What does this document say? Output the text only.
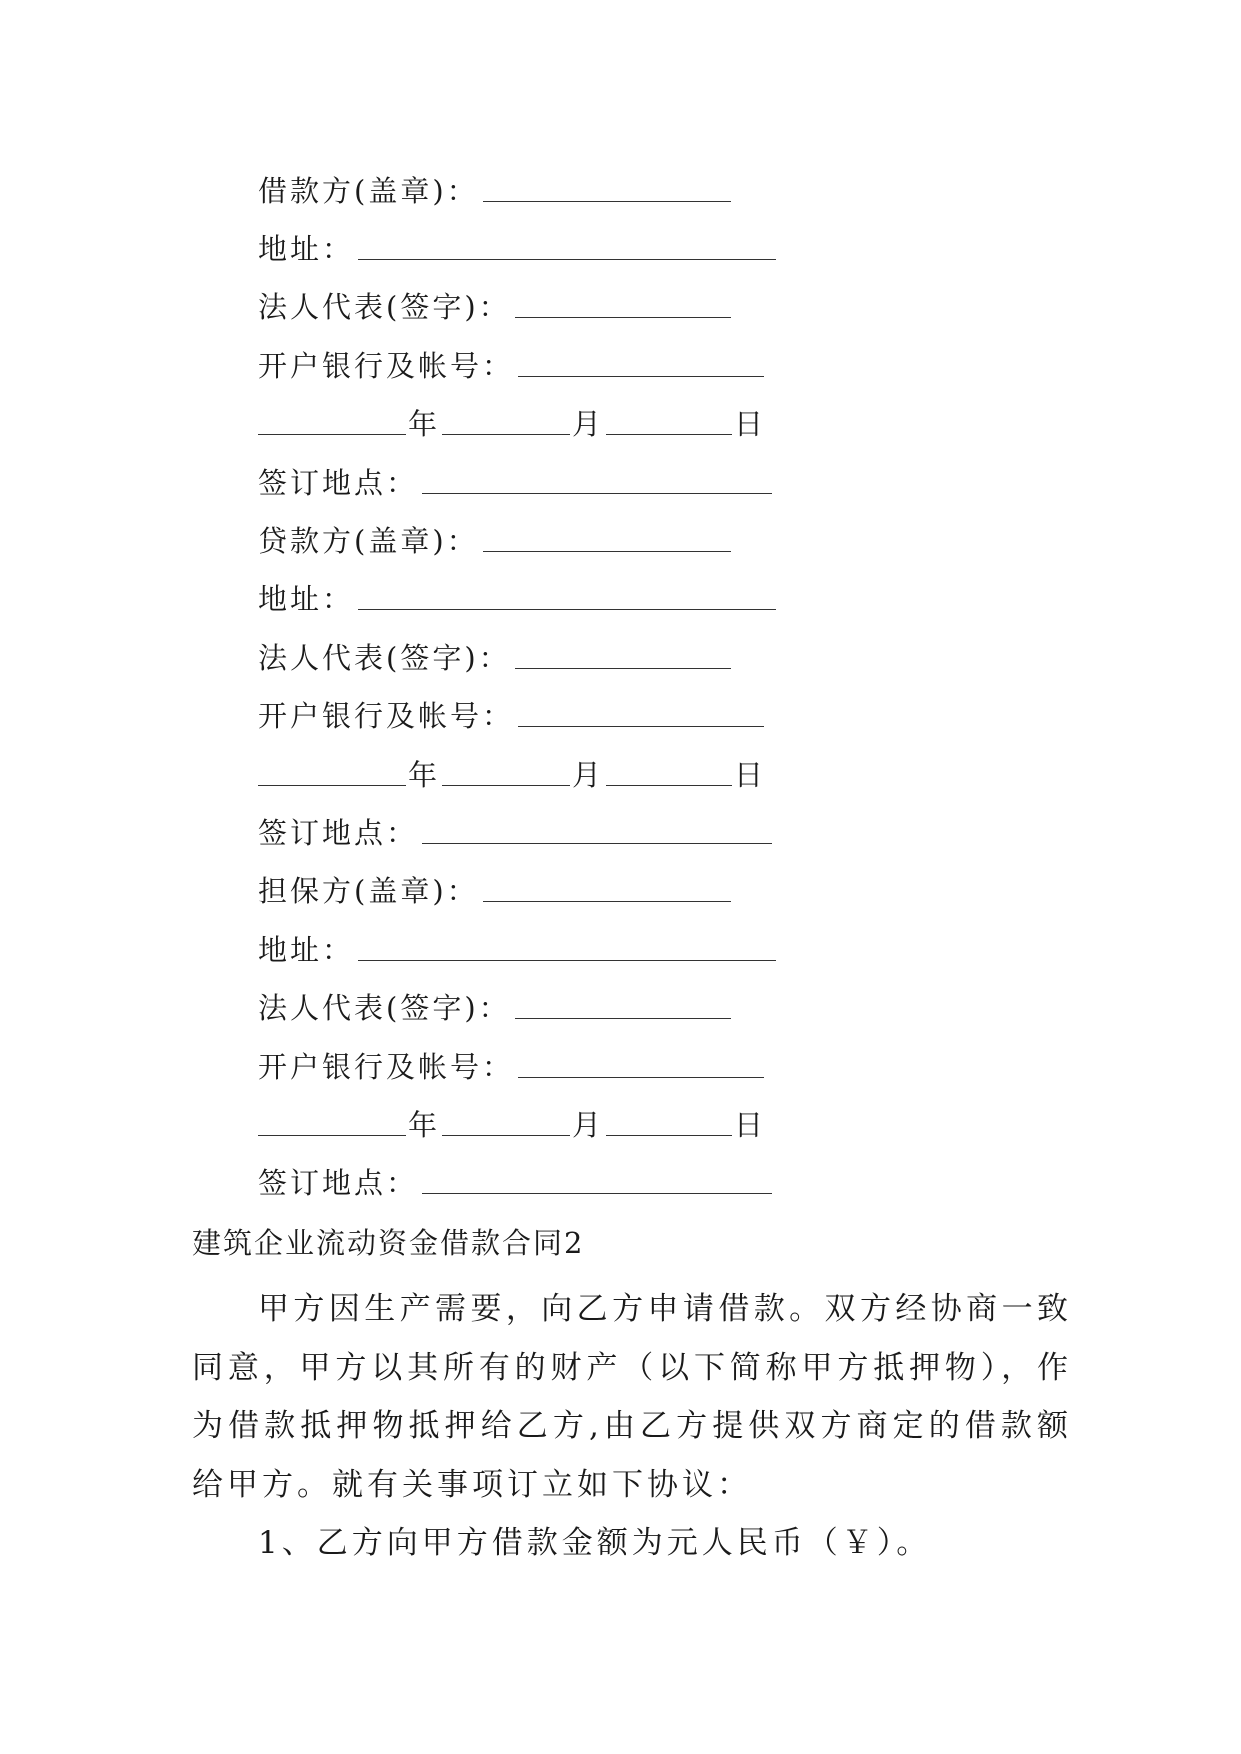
借款方(盖章)：
地址：
法人代表(签字)：
开户银行及帐号：
年	月	日
签订地点：
贷款方(盖章)：
地址：
法人代表(签字)：
开户银行及帐号：
年	月	日
签订地点：
担保方(盖章)：
地址：
法人代表(签字)：
开户银行及帐号：
年	月	日
签订地点：

建筑企业流动资金借款合同2

甲方因生产需要，向乙方申请借款。双方经协商一致同意，甲方以其所有的财产（以下简称甲方抵押物），作为借款抵押物抵押给乙方,由乙方提供双方商定的借款额给甲方。就有关事项订立如下协议：

1、乙方向甲方借款金额为元人民币（￥）。
